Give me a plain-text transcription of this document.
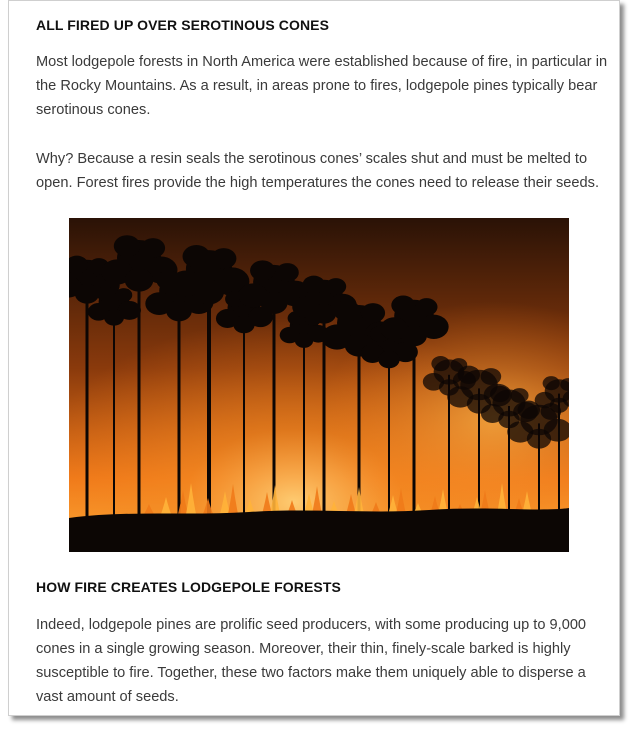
ALL FIRED UP OVER SEROTINOUS CONES

Most lodgepole forests in North America were established because of fire, in particular in the Rocky Mountains. As a result, in areas prone to fires, lodgepole pines typically bear serotinous cones.

Why? Because a resin seals the serotinous cones’ scales shut and must be melted to open. Forest fires provide the high temperatures the cones need to release their seeds.

HOW FIRE CREATES LODGEPOLE FORESTS

Indeed, lodgepole pines are prolific seed producers, with some producing up to 9,000 cones in a single growing season. Moreover, their thin, finely-scale barked is highly susceptible to fire. Together, these two factors make them uniquely able to disperse a vast amount of seeds.
